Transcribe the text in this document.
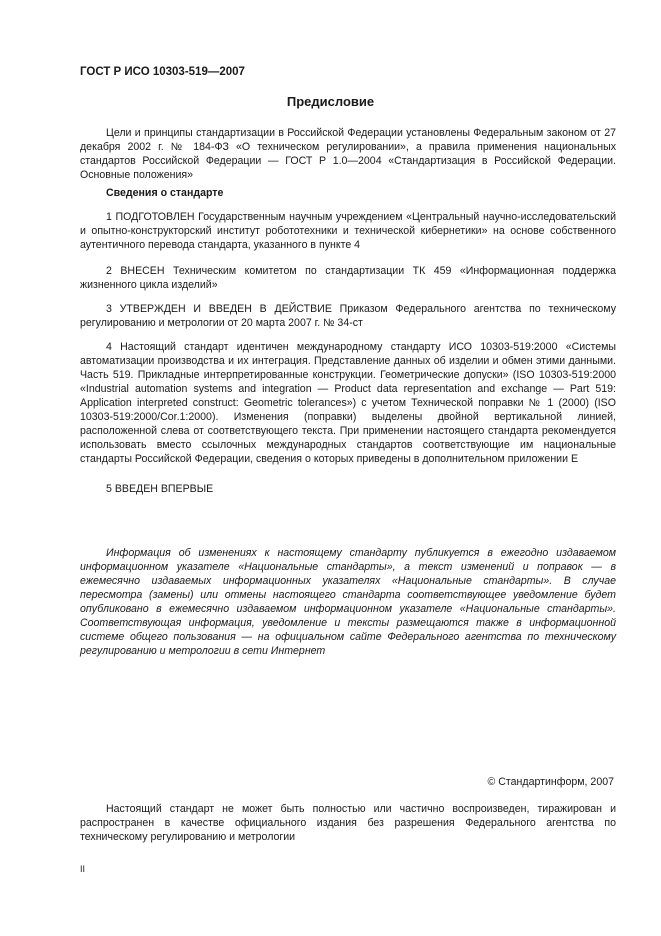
ГОСТ Р ИСО 10303-519—2007
Предисловие

Цели и принципы стандартизации в Российской Федерации установлены Федеральным законом от 27 декабря 2002 г. № 184-ФЗ «О техническом регулировании», а правила применения национальных стандартов Российской Федерации — ГОСТ Р 1.0—2004 «Стандартизация в Российской Федерации. Основные положения»

Сведения о стандарте

1 ПОДГОТОВЛЕН Государственным научным учреждением «Центральный научно-исследовательский и опытно-конструкторский институт робототехники и технической кибернетики» на основе собственного аутентичного перевода стандарта, указанного в пункте 4

2 ВНЕСЕН Техническим комитетом по стандартизации ТК 459 «Информационная поддержка жизненного цикла изделий»

3 УТВЕРЖДЕН И ВВЕДЕН В ДЕЙСТВИЕ Приказом Федерального агентства по техническому регулированию и метрологии от 20 марта 2007 г. № 34-ст

4 Настоящий стандарт идентичен международному стандарту ИСО 10303-519:2000 «Системы автоматизации производства и их интеграция. Представление данных об изделии и обмен этими данными. Часть 519. Прикладные интерпретированные конструкции. Геометрические допуски» (ISO 10303-519:2000 «Industrial automation systems and integration — Product data representation and exchange — Part 519: Application interpreted construct: Geometric tolerances») с учетом Технической поправки № 1 (2000) (ISO 10303-519:2000/Cor.1:2000). Изменения (поправки) выделены двойной вертикальной линией, расположенной слева от соответствующего текста. При применении настоящего стандарта рекомендуется использовать вместо ссылочных международных стандартов соответствующие им национальные стандарты Российской Федерации, сведения о которых приведены в дополнительном приложении Е

5 ВВЕДЕН ВПЕРВЫЕ

Информация об изменениях к настоящему стандарту публикуется в ежегодно издаваемом информационном указателе «Национальные стандарты», а текст изменений и поправок — в ежемесячно издаваемых информационных указателях «Национальные стандарты». В случае пересмотра (замены) или отмены настоящего стандарта соответствующее уведомление будет опубликовано в ежемесячно издаваемом информационном указателе «Национальные стандарты». Соответствующая информация, уведомление и тексты размещаются также в информационной системе общего пользования — на официальном сайте Федерального агентства по техническому регулированию и метрологии в сети Интернет

© Стандартинформ, 2007

Настоящий стандарт не может быть полностью или частично воспроизведен, тиражирован и распространен в качестве официального издания без разрешения Федерального агентства по техническому регулированию и метрологии

II
